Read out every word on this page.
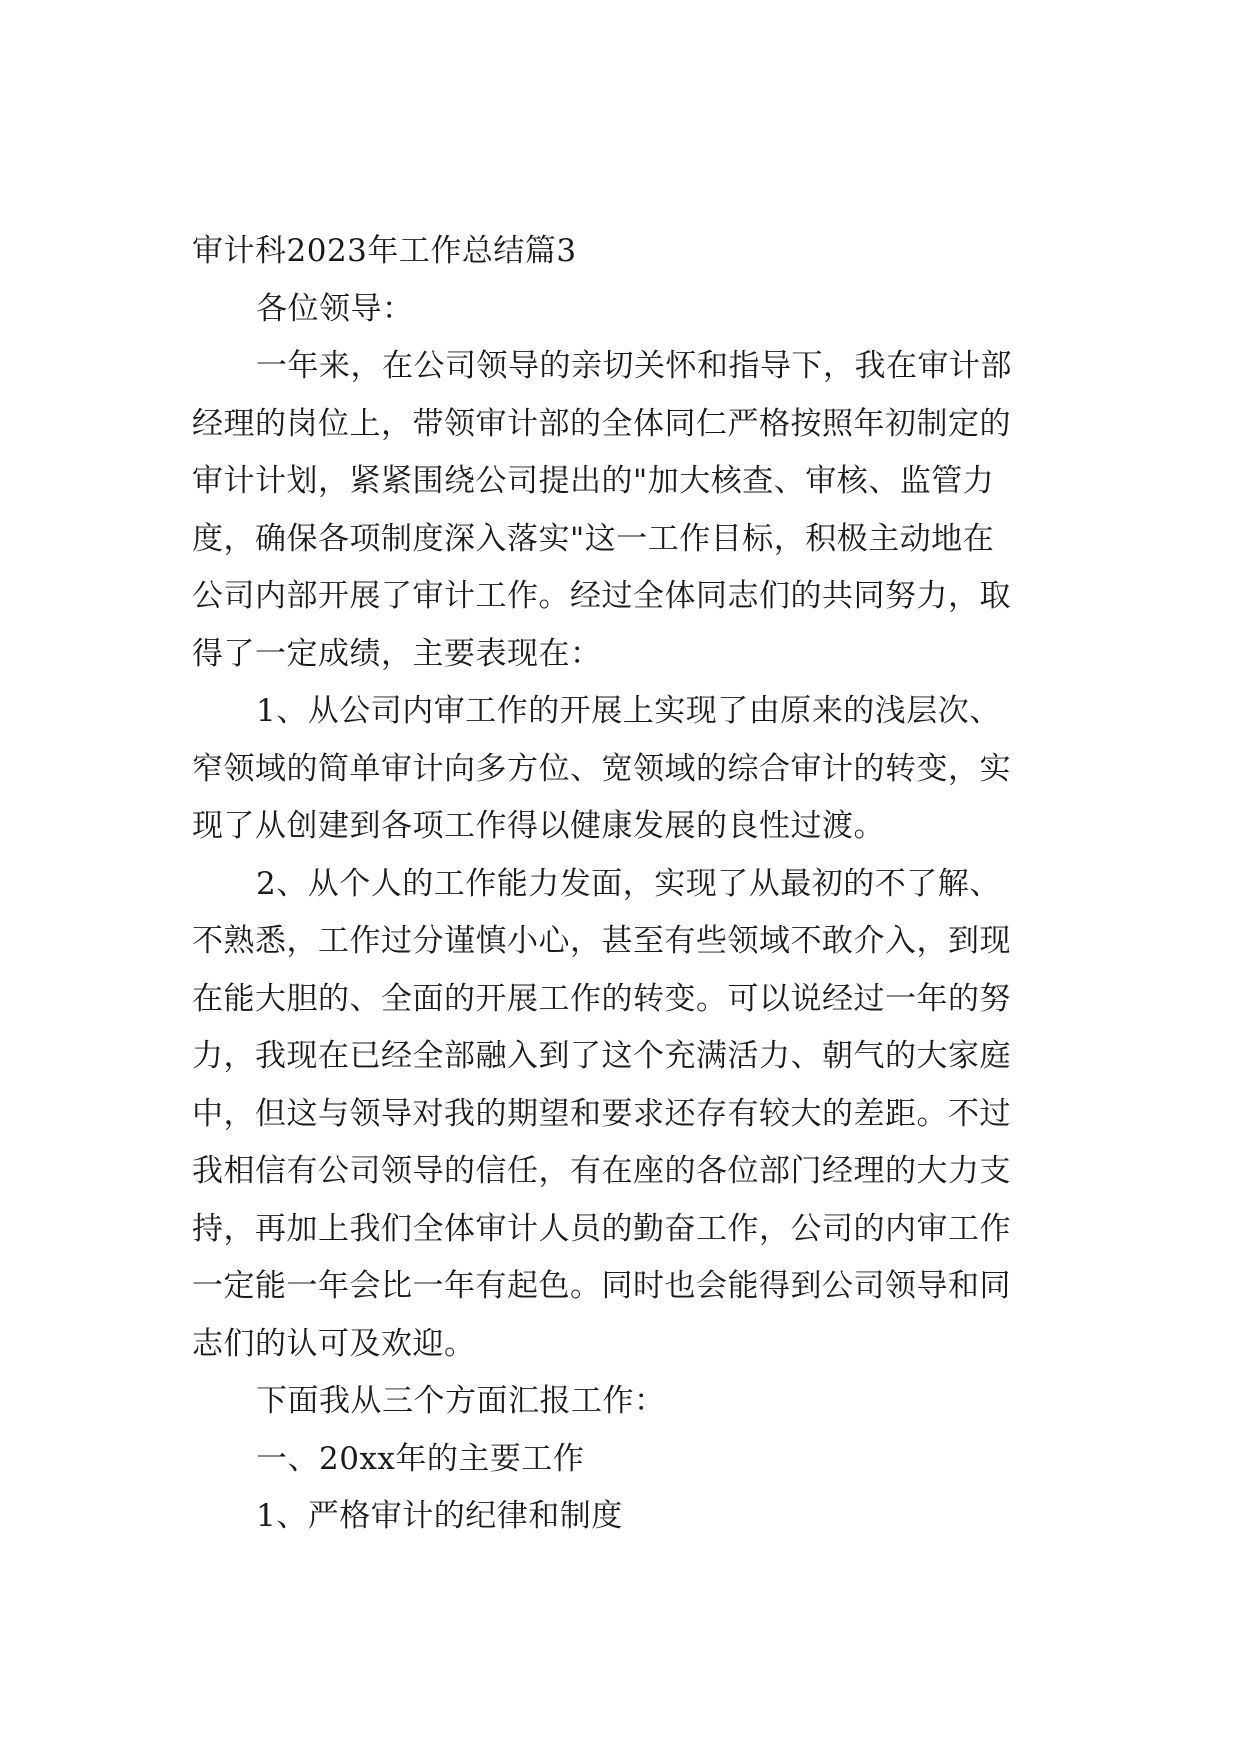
审计科2023年工作总结篇3
各位领导：
一年来，在公司领导的亲切关怀和指导下，我在审计部
经理的岗位上，带领审计部的全体同仁严格按照年初制定的
审计计划，紧紧围绕公司提出的"加大核查、审核、监管力
度，确保各项制度深入落实"这一工作目标，积极主动地在
公司内部开展了审计工作。经过全体同志们的共同努力，取
得了一定成绩，主要表现在：
1、从公司内审工作的开展上实现了由原来的浅层次、
窄领域的简单审计向多方位、宽领域的综合审计的转变，实
现了从创建到各项工作得以健康发展的良性过渡。
2、从个人的工作能力发面，实现了从最初的不了解、
不熟悉，工作过分谨慎小心，甚至有些领域不敢介入，到现
在能大胆的、全面的开展工作的转变。可以说经过一年的努
力，我现在已经全部融入到了这个充满活力、朝气的大家庭
中，但这与领导对我的期望和要求还存有较大的差距。不过
我相信有公司领导的信任，有在座的各位部门经理的大力支
持，再加上我们全体审计人员的勤奋工作，公司的内审工作
一定能一年会比一年有起色。同时也会能得到公司领导和同
志们的认可及欢迎。
下面我从三个方面汇报工作：
一、20xx年的主要工作
1、严格审计的纪律和制度
